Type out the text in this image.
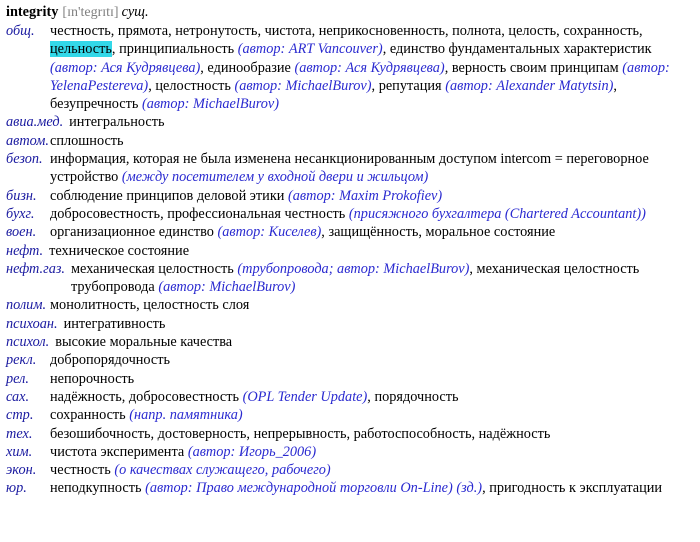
integrity [ɪn'tegrɪtɪ] сущ.
общ.	честность, прямота, нетронутость, чистота, неприкосновенность, полнота, целость, сохранность, цельность, принципиальность (автор: ART Vancouver), единство фундаментальных характеристик (автор: Ася Кудрявцева), единообразие (автор: Ася Кудрявцева), верность своим принципам (автор: YelenaPestereva), целостность (автор: MichaelBurov), репутация (автор: Alexander Matytsin), безупречность (автор: MichaelBurov)
авиа.мед. интегральность
автом. сплошность
безоп. информация, которая не была изменена несанкционированным доступом intercom = переговорное устройство (между посетителем у входной двери и жильцом)
бизн. соблюдение принципов деловой этики (автор: Maxim Prokofiev)
бухг.	добросовестность, профессиональная честность (присяжного бухгалтера (Chartered Accountant))
воен. организационное единство (автор: Киселев), защищённость, моральное состояние
нефт. техническое состояние
нефт.газ. механическая целостность (трубопровода; автор: MichaelBurov), механическая целостность трубопровода (автор: MichaelBurov)
полим. монолитность, целостность слоя
психоан. интегративность
психол. высокие моральные качества
рекл. добропорядочность
рел.	непорочность
сах.	надёжность, добросовестность (OPL Tender Update), порядочность
стр.	сохранность (напр. памятника)
тех.	безошибочность, достоверность, непрерывность, работоспособность, надёжность
хим.	чистота эксперимента (автор: Игорь_2006)
экон. честность (о качествах служащего, рабочего)
юр.	неподкупность (автор: Право международной торговли On-Line) (зд.), пригодность к эксплуатации
